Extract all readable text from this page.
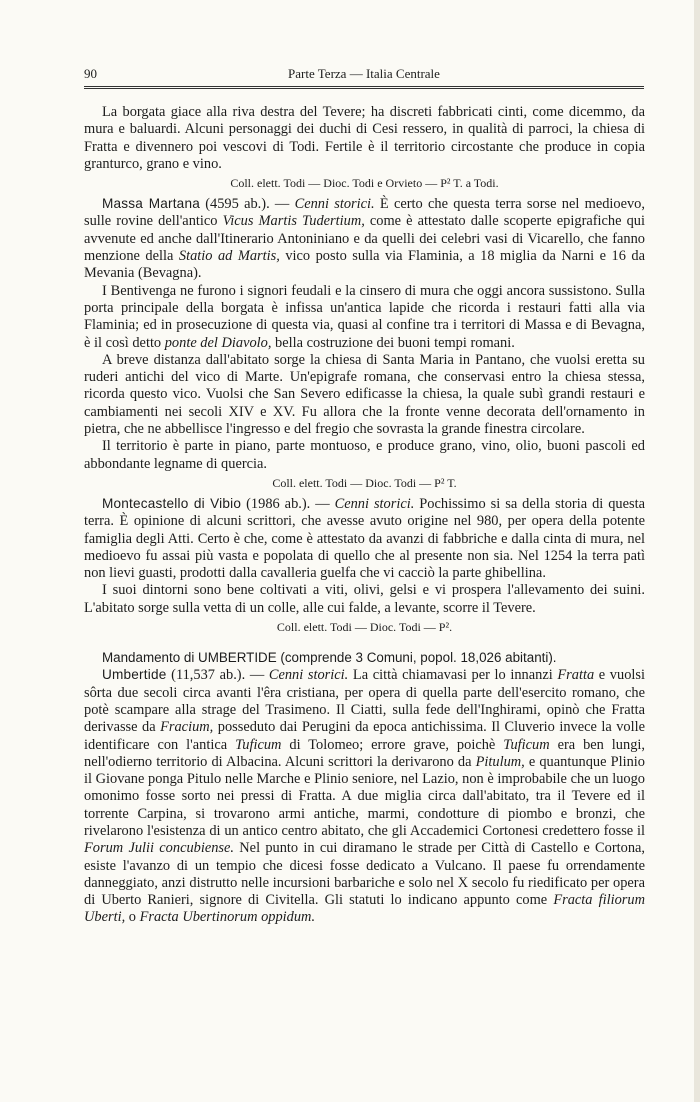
90	Parte Terza — Italia Centrale

La borgata giace alla riva destra del Tevere; ha discreti fabbricati cinti, come dicemmo, da mura e baluardi. Alcuni personaggi dei duchi di Cesi ressero, in qualità di parroci, la chiesa di Fratta e divennero poi vescovi di Todi. Fertile è il territorio circostante che produce in copia granturco, grano e vino.

Coll. elett. Todi — Dioc. Todi e Orvieto — P² T. a Todi.

Massa Martana (4595 ab.). — Cenni storici. È certo che questa terra sorse nel medioevo, sulle rovine dell'antico Vicus Martis Tudertium, come è attestato dalle scoperte epigrafiche qui avvenute ed anche dall'Itinerario Antoniniano e da quelli dei celebri vasi di Vicarello, che fanno menzione della Statio ad Martis, vico posto sulla via Flaminia, a 18 miglia da Narni e 16 da Mevania (Bevagna).

I Bentivenga ne furono i signori feudali e la cinsero di mura che oggi ancora sussistono. Sulla porta principale della borgata è infissa un'antica lapide che ricorda i restauri fatti alla via Flaminia; ed in prosecuzione di questa via, quasi al confine tra i territori di Massa e di Bevagna, è il così detto ponte del Diavolo, bella costruzione dei buoni tempi romani.

A breve distanza dall'abitato sorge la chiesa di Santa Maria in Pantano, che vuolsi eretta su ruderi antichi del vico di Marte. Un'epigrafe romana, che conservasi entro la chiesa stessa, ricorda questo vico. Vuolsi che San Severo edificasse la chiesa, la quale subì grandi restauri e cambiamenti nei secoli XIV e XV. Fu allora che la fronte venne decorata dell'ornamento in pietra, che ne abbellisce l'ingresso e del fregio che sovrasta la grande finestra circolare.

Il territorio è parte in piano, parte montuoso, e produce grano, vino, olio, buoni pascoli ed abbondante legname di quercia.

Coll. elett. Todi — Dioc. Todi — P² T.

Montecastello di Vibio (1986 ab.). — Cenni storici. Pochissimo si sa della storia di questa terra. È opinione di alcuni scrittori, che avesse avuto origine nel 980, per opera della potente famiglia degli Atti. Certo è che, come è attestato da avanzi di fabbriche e dalla cinta di mura, nel medioevo fu assai più vasta e popolata di quello che al presente non sia. Nel 1254 la terra patì non lievi guasti, prodotti dalla cavalleria guelfa che vi cacciò la parte ghibellina.

I suoi dintorni sono bene coltivati a viti, olivi, gelsi e vi prospera l'allevamento dei suini. L'abitato sorge sulla vetta di un colle, alle cui falde, a levante, scorre il Tevere.

Coll. elett. Todi — Dioc. Todi — P².

Mandamento di UMBERTIDE (comprende 3 Comuni, popol. 18,026 abitanti).

Umbertide (11,537 ab.). — Cenni storici. La città chiamavasi per lo innanzi Fratta e vuolsi sôrta due secoli circa avanti l'êra cristiana, per opera di quella parte dell'esercito romano, che potè scampare alla strage del Trasimeno. Il Ciatti, sulla fede dell'Inghirami, opinò che Fratta derivasse da Fracium, posseduto dai Perugini da epoca antichissima. Il Cluverio invece la volle identificare con l'antica Tuficum di Tolomeo; errore grave, poichè Tuficum era ben lungi, nell'odierno territorio di Albacina. Alcuni scrittori la derivarono da Pitulum, e quantunque Plinio il Giovane ponga Pitulo nelle Marche e Plinio seniore, nel Lazio, non è improbabile che un luogo omonimo fosse sorto nei pressi di Fratta. A due miglia circa dall'abitato, tra il Tevere ed il torrente Carpina, si trovarono armi antiche, marmi, condotture di piombo e bronzi, che rivelarono l'esistenza di un antico centro abitato, che gli Accademici Cortonesi credettero fosse il Forum Julii concubiense. Nel punto in cui diramano le strade per Città di Castello e Cortona, esiste l'avanzo di un tempio che dicesi fosse dedicato a Vulcano. Il paese fu orrendamente danneggiato, anzi distrutto nelle incursioni barbariche e solo nel X secolo fu riedificato per opera di Uberto Ranieri, signore di Civitella. Gli statuti lo indicano appunto come Fracta filiorum Uberti, o Fracta Ubertinorum oppidum.
